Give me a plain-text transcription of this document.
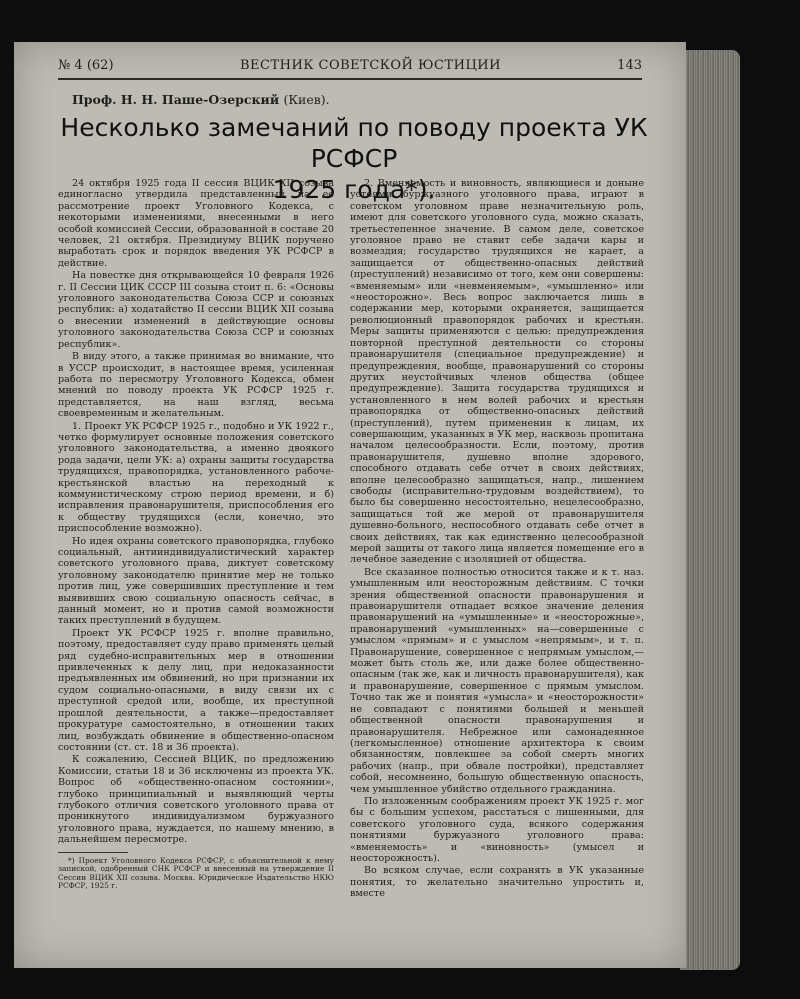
№ 4 (62)	ВЕСТНИК СОВЕТСКОЙ ЮСТИЦИИ	143
Проф. Н. Н. Паше-Озерский (Киев).
Несколько замечаний по поводу проекта УК РСФСР
1925 года*).

24 октября 1925 года II сессия ВЦИК XII созыва единогласно утвердила представленный на ее рассмотрение проект Уголовного Кодекса, с некоторыми изменениями, внесенными в него особой комиссией Сессии, образованной в составе 20 человек, 21 октября. Президиуму ВЦИК поручено выработать срок и порядок введения УК РСФСР в действие.

На повестке дня открывающейся 10 февраля 1926 г. II Сессии ЦИК СССР III созыва стоит п. 6: «Основы уголовного законодательства Союза ССР и союзных республик: а) ходатайство II сессии ВЦИК XII созыва о внесении изменений в действующие основы уголовного законодательства Союза ССР и союзных республик».

В виду этого, а также принимая во внимание, что в УССР происходит, в настоящее время, усиленная работа по пересмотру Уголовного Кодекса, обмен мнений по поводу проекта УК РСФСР 1925 г. представляется, на наш взгляд, весьма своевременным и желательным.

1. Проект УК РСФСР 1925 г., подобно и УК 1922 г., четко формулирует основные положения советского уголовного законодательства, а именно двоякого рода задачи, цели УК: а) охраны защиты государства трудящихся, правопорядка, установленного рабоче-крестьянской властью на переходный к коммунистическому строю период времени, и б) исправления правонарушителя, приспособления его к обществу трудящихся (если, конечно, это приспособление возможно).

Но идея охраны советского правопорядка, глубоко социальный, антииндивидуалистический характер советского уголовного права, диктует советскому уголовному законодателю принятие мер не только против лиц, уже совершивших преступление и тем выявивших свою социальную опасность сейчас, в данный момент, но и против самой возможности таких преступлений в будущем.

Проект УК РСФСР 1925 г. вполне правильно, поэтому, предоставляет суду право применять целый ряд судебно-исправительных мер в отношении привлеченных к делу лиц, при недоказанности предъявленных им обвинений, но при признании их судом социально-опасными, в виду связи их с преступной средой или, вообще, их преступной прошлой деятельности, а также—предоставляет прокуратуре самостоятельно, в отношении таких лиц, возбуждать обвинение в общественно-опасном состоянии (ст. ст. 18 и 36 проекта).

К сожалению, Сессией ВЦИК, по предложению Комиссии, статьи 18 и 36 исключены из проекта УК. Вопрос об «общественно-опасном состоянии», глубоко принципиальный и выявляющий черты глубокого отличия советского уголовного права от проникнутого индивидуализмом буржуазного уголовного права, нуждается, по нашему мнению, в дальнейшем пересмотре.

*) Проект Уголовного Кодекса РСФСР, с объяснительной к нему запиской, одобренный СНК РСФСР и внесенный на утверждение II Сессии ВЦИК XII созыва. Москва. Юридическое Издательство НКЮ РСФСР, 1925 г.

2. Вменяемость и виновность, являющиеся и доныне устоями буржуазного уголовного права, играют в советском уголовном праве незначительную роль, имеют для советского уголовного суда, можно сказать, третьестепенное значение. В самом деле, советское уголовное право не ставит себе задачи кары и возмездия; государство трудящихся не карает, а защищается от общественно-опасных действий (преступлений) независимо от того, кем они совершены: «вменяемым» или «невменяемым», «умышленно» или «неосторожно». Весь вопрос заключается лишь в содержании мер, которыми охраняется, защищается революционный правопорядок рабочих и крестьян. Меры защиты применяются с целью: предупреждения повторной преступной деятельности со стороны правонарушителя (специальное предупреждение) и предупреждения, вообще, правонарушений со стороны других неустойчивых членов общества (общее предупреждение). Защита государства трудящихся и установленного в нем волей рабочих и крестьян правопорядка от общественно-опасных действий (преступлений), путем применения к лицам, их совершающим, указанных в УК мер, насквозь пропитана началом целесообразности. Если, поэтому, против правонарушителя, душевно вполне здорового, способного отдавать себе отчет в своих действиях, вполне целесообразно защищаться, напр., лишением свободы (исправительно-трудовым воздействием), то было бы совершенно несостоятельно, нецелесообразно, защищаться той же мерой от правонарушителя душевно-больного, неспособного отдавать себе отчет в своих действиях, так как единственно целесообразной мерой защиты от такого лица является помещение его в лечебное заведение с изоляцией от общества.

Все сказанное полностью относится также и к т. наз. умышленным или неосторожным действиям. С точки зрения общественной опасности правонарушения и правонарушителя отпадает всякое значение деления правонарушений на «умышленные» и «неосторожные», правонарушений «умышленных» на—совершенные с умыслом «прямым» и с умыслом «непрямым», и т. п. Правонарушение, совершенное с непрямым умыслом,—может быть столь же, или даже более общественно-опасным (так же, как и личность правонарушителя), как и правонарушение, совершенное с прямым умыслом. Точно так же и понятия «умысла» и «неосторожности» не совпадают с понятиями большей и меньшей общественной опасности правонарушения и правонарушителя. Небрежное или самонадеянное (легкомысленное) отношение архитектора к своим обязанностям, повлекшее за собой смерть многих рабочих (напр., при обвале постройки), представляет собой, несомненно, большую общественную опасность, чем умышленное убийство отдельного гражданина.

По изложенным соображениям проект УК 1925 г. мог бы с большим успехом, расстаться с лишенными, для советского уголовного суда, всякого содержания понятиями буржуазного уголовного права: «вменяемость» и «виновность» (умысел и неосторожность).

Во всяком случае, если сохранять в УК указанные понятия, то желательно значительно упростить и, вместе
